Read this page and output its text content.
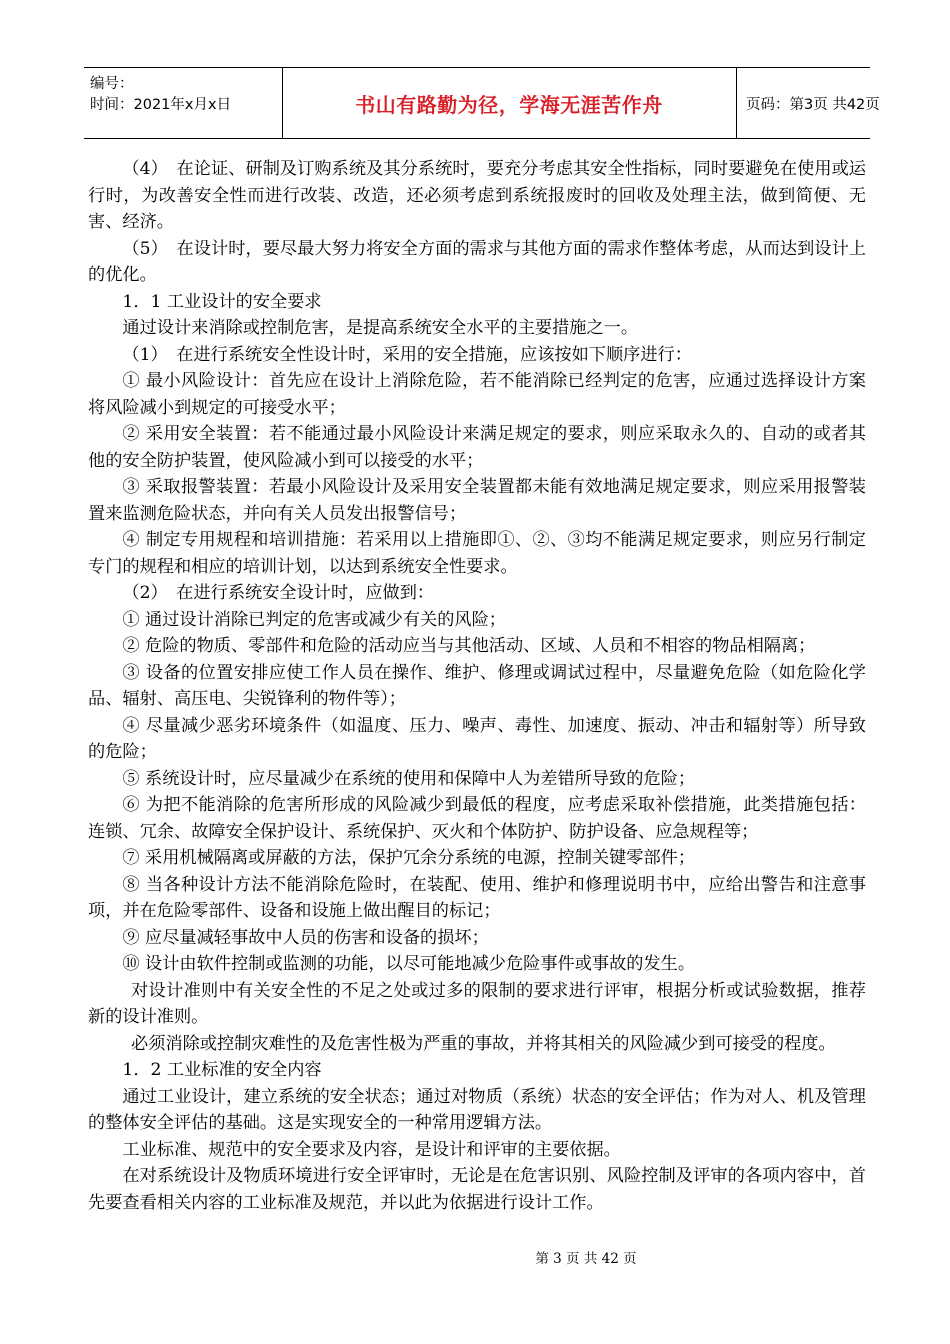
编号：
时间：2021年x月x日	书山有路勤为径，学海无涯苦作舟	页码：第3页 共42页

（4）　在论证、研制及订购系统及其分系统时，要充分考虑其安全性指标，同时要避免在使用或运行时，为改善安全性而进行改装、改造，还必须考虑到系统报废时的回收及处理主法，做到简便、无害、经济。

（5）　在设计时，要尽最大努力将安全方面的需求与其他方面的需求作整体考虑，从而达到设计上的优化。

1．1 工业设计的安全要求

通过设计来消除或控制危害，是提高系统安全水平的主要措施之一。

（1）　在进行系统安全性设计时，采用的安全措施，应该按如下顺序进行：

① 最小风险设计：首先应在设计上消除危险，若不能消除已经判定的危害，应通过选择设计方案将风险减小到规定的可接受水平；

② 采用安全装置：若不能通过最小风险设计来满足规定的要求，则应采取永久的、自动的或者其他的安全防护装置，使风险减小到可以接受的水平；

③ 采取报警装置：若最小风险设计及采用安全装置都未能有效地满足规定要求，则应采用报警装置来监测危险状态，并向有关人员发出报警信号；

④ 制定专用规程和培训措施：若采用以上措施即①、②、③均不能满足规定要求，则应另行制定专门的规程和相应的培训计划，以达到系统安全性要求。

（2）　在进行系统安全设计时，应做到：

① 通过设计消除已判定的危害或减少有关的风险；

② 危险的物质、零部件和危险的活动应当与其他活动、区域、人员和不相容的物品相隔离；

③ 设备的位置安排应使工作人员在操作、维护、修理或调试过程中，尽量避免危险（如危险化学品、辐射、高压电、尖锐锋利的物件等）；

④ 尽量减少恶劣环境条件（如温度、压力、噪声、毒性、加速度、振动、冲击和辐射等）所导致的危险；

⑤ 系统设计时，应尽量减少在系统的使用和保障中人为差错所导致的危险；

⑥ 为把不能消除的危害所形成的风险减少到最低的程度，应考虑采取补偿措施，此类措施包括：连锁、冗余、故障安全保护设计、系统保护、灭火和个体防护、防护设备、应急规程等；

⑦ 采用机械隔离或屏蔽的方法，保护冗余分系统的电源，控制关键零部件；

⑧ 当各种设计方法不能消除危险时，在装配、使用、维护和修理说明书中，应给出警告和注意事项，并在危险零部件、设备和设施上做出醒目的标记；

⑨ 应尽量减轻事故中人员的伤害和设备的损坏；

⑩ 设计由软件控制或监测的功能，以尽可能地减少危险事件或事故的发生。

对设计准则中有关安全性的不足之处或过多的限制的要求进行评审，根据分析或试验数据，推荐新的设计准则。

必须消除或控制灾难性的及危害性极为严重的事故，并将其相关的风险减少到可接受的程度。

1．2 工业标准的安全内容

通过工业设计，建立系统的安全状态；通过对物质（系统）状态的安全评估；作为对人、机及管理的整体安全评估的基础。这是实现安全的一种常用逻辑方法。

工业标准、规范中的安全要求及内容，是设计和评审的主要依据。

在对系统设计及物质环境进行安全评审时，无论是在危害识别、风险控制及评审的各项内容中，首先要查看相关内容的工业标准及规范，并以此为依据进行设计工作。

第 3 页 共 42 页
